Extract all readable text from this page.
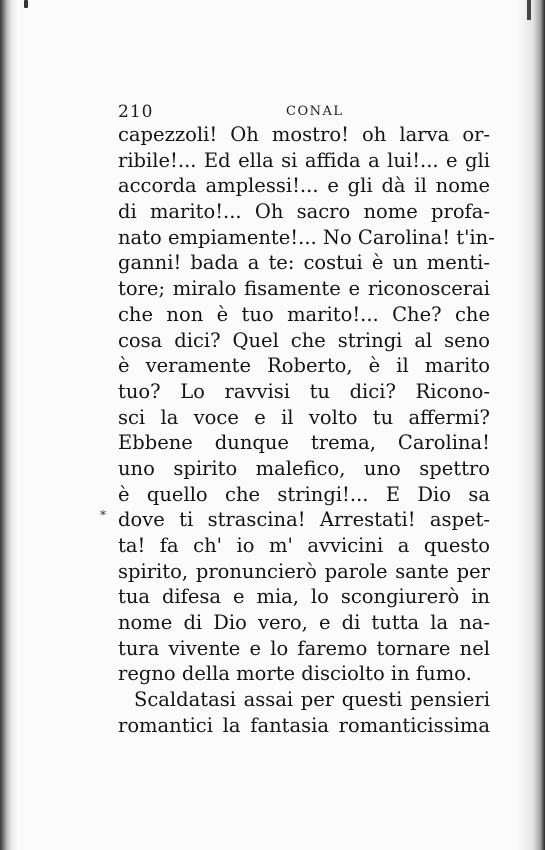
210	CONAL
*
capezzoli! Oh mostro! oh larva or-
ribile!... Ed ella si affida a lui!... e gli
accorda amplessi!... e gli dà il nome
di marito!... Oh sacro nome profa-
nato empiamente!... No Carolina! t'in-
ganni! bada a te: costui è un menti-
tore; miralo fisamente e riconoscerai
che non è tuo marito!... Che? che
cosa dici? Quel che stringi al seno
è veramente Roberto, è il marito
tuo? Lo ravvisi tu dici? Ricono-
sci la voce e il volto tu affermi?
Ebbene dunque trema, Carolina!
uno spirito malefico, uno spettro
è quello che stringi!... E Dio sa
dove ti strascina! Arrestati! aspet-
ta! fa ch' io m' avvicini a questo
spirito, pronuncierò parole sante per
tua difesa e mia, lo scongiurerò in
nome di Dio vero, e di tutta la na-
tura vivente e lo faremo tornare nel
regno della morte disciolto in fumo.
Scaldatasi assai per questi pensieri
romantici la fantasia romanticissima
